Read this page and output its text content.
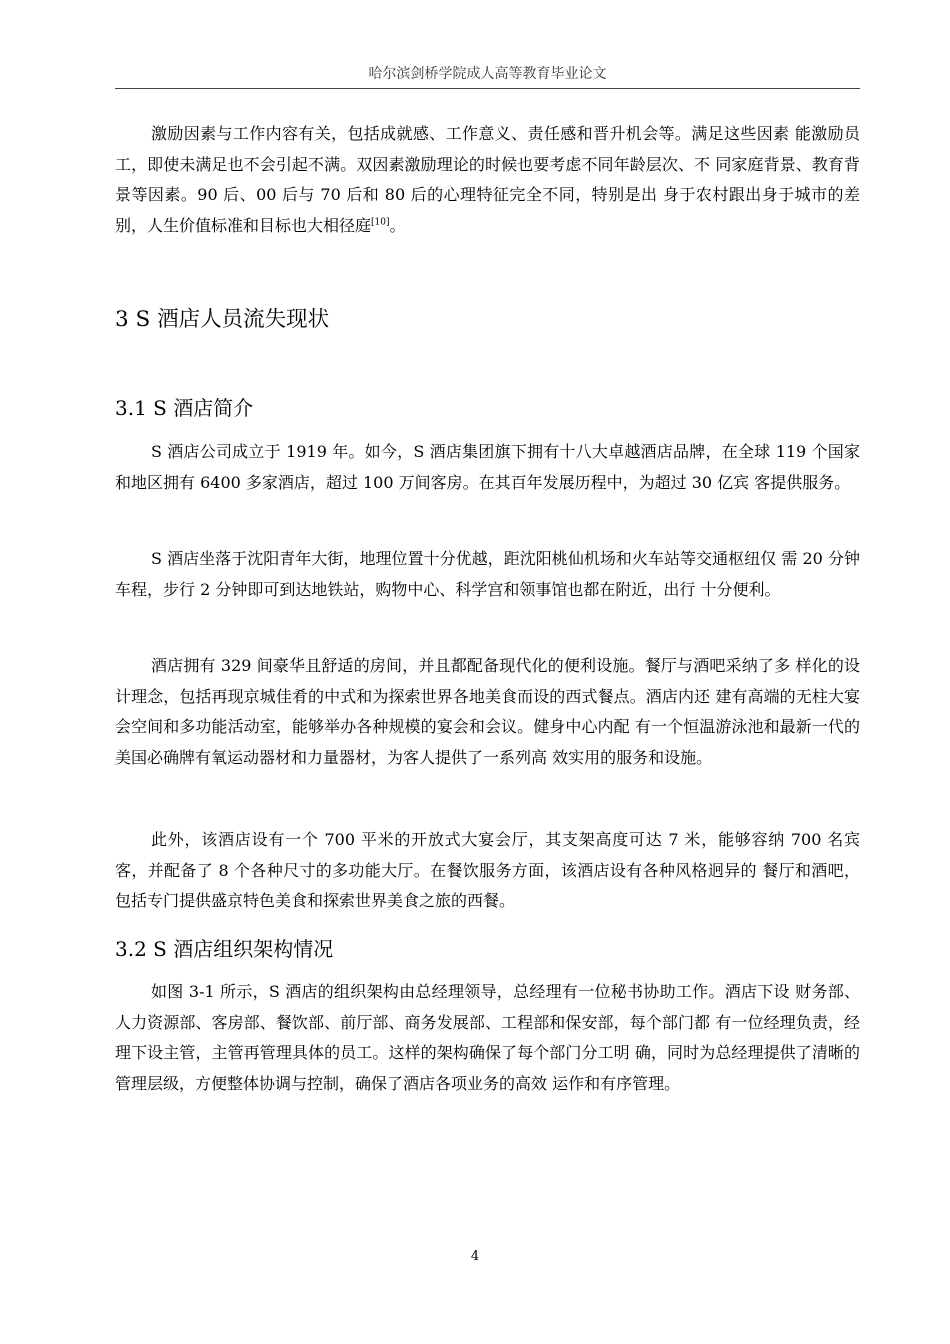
哈尔滨剑桥学院成人高等教育毕业论文

激励因素与工作内容有关，包括成就感、工作意义、责任感和晋升机会等。满足这些因素 能激励员工，即使未满足也不会引起不满。双因素激励理论的时候也要考虑不同年龄层次、不 同家庭背景、教育背景等因素。90 后、00 后与 70 后和 80 后的心理特征完全不同，特别是出 身于农村跟出身于城市的差别，人生价值标准和目标也大相径庭[10]。

3 S 酒店人员流失现状
3.1 S 酒店简介

S 酒店公司成立于 1919 年。如今，S 酒店集团旗下拥有十八大卓越酒店品牌，在全球 119 个国家和地区拥有 6400 多家酒店，超过 100 万间客房。在其百年发展历程中，为超过 30 亿宾 客提供服务。

S 酒店坐落于沈阳青年大街，地理位置十分优越，距沈阳桃仙机场和火车站等交通枢纽仅 需 20 分钟车程，步行 2 分钟即可到达地铁站，购物中心、科学宫和领事馆也都在附近，出行 十分便利。

酒店拥有 329 间豪华且舒适的房间，并且都配备现代化的便利设施。餐厅与酒吧采纳了多 样化的设计理念，包括再现京城佳肴的中式和为探索世界各地美食而设的西式餐点。酒店内还 建有高端的无柱大宴会空间和多功能活动室，能够举办各种规模的宴会和会议。健身中心内配 有一个恒温游泳池和最新一代的美国必确牌有氧运动器材和力量器材，为客人提供了一系列高 效实用的服务和设施。

此外，该酒店设有一个 700 平米的开放式大宴会厅，其支架高度可达 7 米，能够容纳 700 名宾客，并配备了 8 个各种尺寸的多功能大厅。在餐饮服务方面，该酒店设有各种风格迥异的 餐厅和酒吧，包括专门提供盛京特色美食和探索世界美食之旅的西餐。

3.2 S 酒店组织架构情况

如图 3-1 所示，S 酒店的组织架构由总经理领导，总经理有一位秘书协助工作。酒店下设 财务部、人力资源部、客房部、餐饮部、前厅部、商务发展部、工程部和保安部，每个部门都 有一位经理负责，经理下设主管，主管再管理具体的员工。这样的架构确保了每个部门分工明 确，同时为总经理提供了清晰的管理层级，方便整体协调与控制，确保了酒店各项业务的高效 运作和有序管理。

4
